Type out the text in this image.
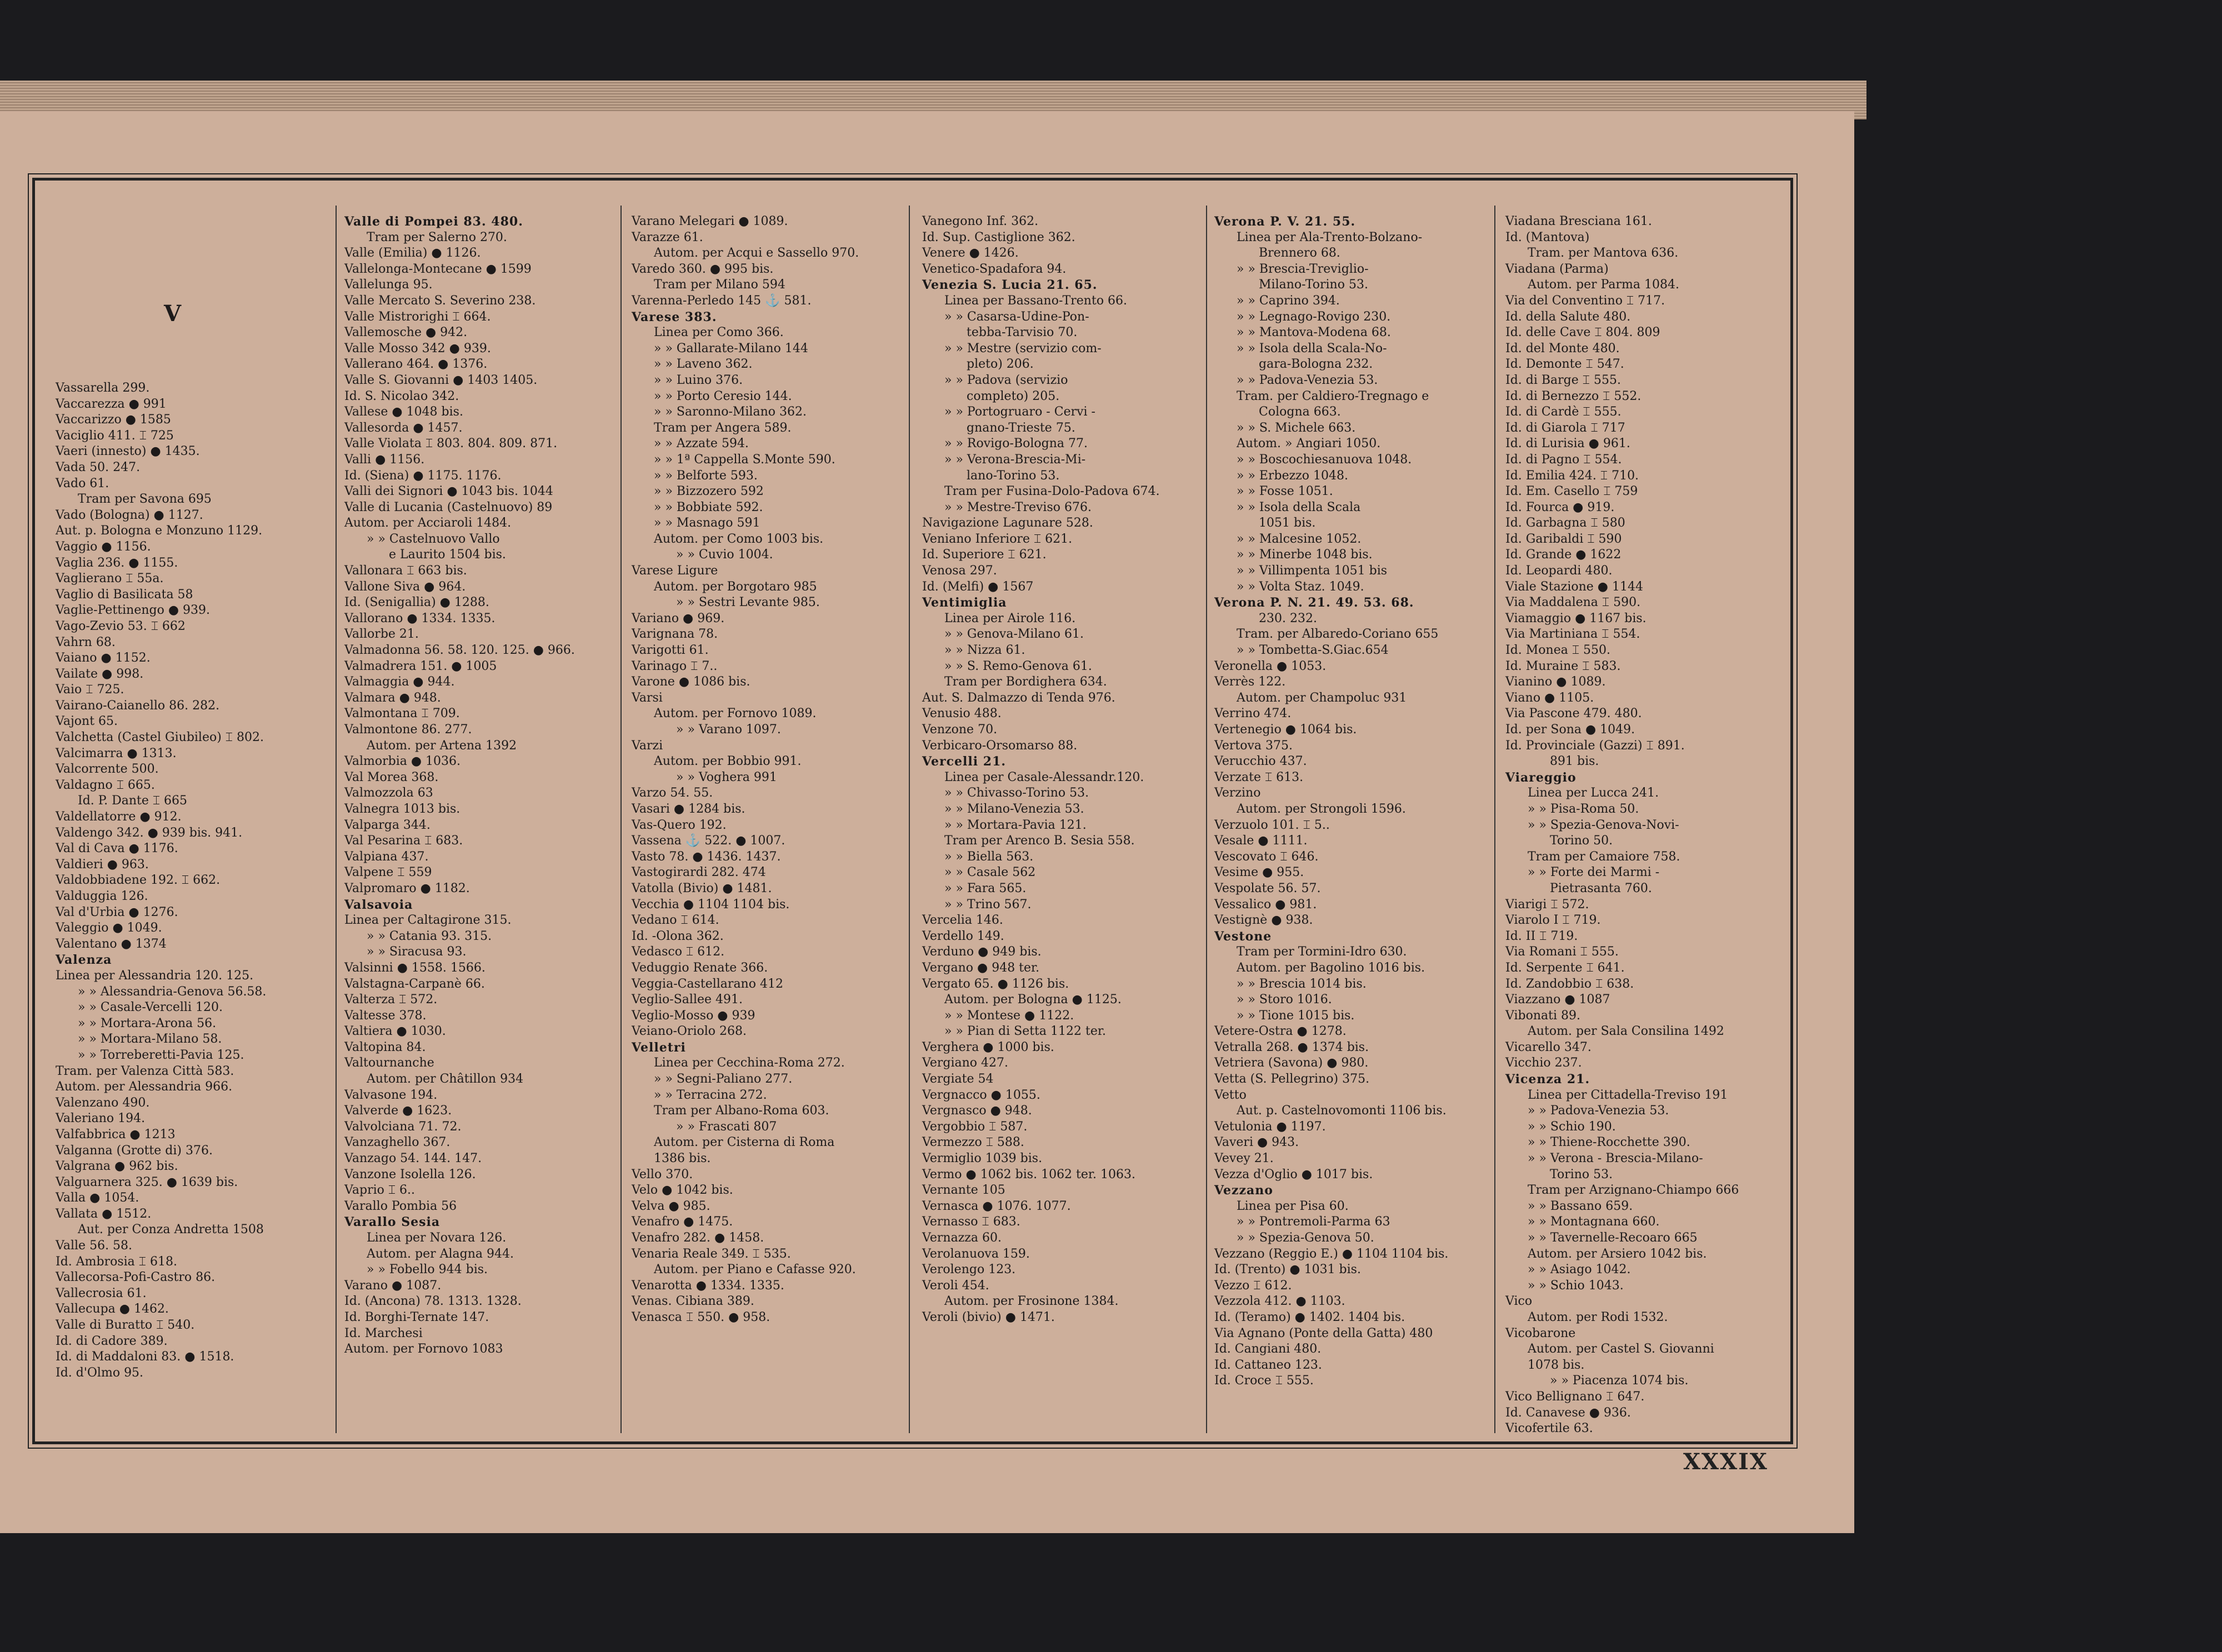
V
Vassarella 299.
Vaccarezza ● 991
Vaccarizzo ● 1585
Vaciglio 411. ⌶ 725
Vaeri (innesto) ● 1435.
Vada 50. 247.
Vado 61.
Tram per Savona 695
Vado (Bologna) ● 1127.
Aut. p. Bologna e Monzuno 1129.
Vaggio ● 1156.
Vaglia 236. ● 1155.
Vaglierano ⌶ 55a.
Vaglio di Basilicata 58
Vaglie-Pettinengo ● 939.
Vago-Zevio 53. ⌶ 662
Vahrn 68.
Vaiano ● 1152.
Vailate ● 998.
Vaio ⌶ 725.
Vairano-Caianello 86. 282.
Vajont 65.
Valchetta (Castel Giubileo) ⌶ 802.
Valcimarra ● 1313.
Valcorrente 500.
Valdagno ⌶ 665.
Id. P. Dante ⌶ 665
Valdellatorre ● 912.
Valdengo 342. ● 939 bis. 941.
Val di Cava ● 1176.
Valdieri ● 963.
Valdobbiadene 192. ⌶ 662.
Valduggia 126.
Val d'Urbia ● 1276.
Valeggio ● 1049.
Valentano ● 1374
Valenza
Linea per Alessandria 120. 125.
» » Alessandria-Genova 56.58.
» » Casale-Vercelli 120.
» » Mortara-Arona 56.
» » Mortara-Milano 58.
» » Torreberetti-Pavia 125.
Tram. per Valenza Città 583.
Autom. per Alessandria 966.
Valenzano 490.
Valeriano 194.
Valfabbrica ● 1213
Valganna (Grotte di) 376.
Valgrana ● 962 bis.
Valguarnera 325. ● 1639 bis.
Valla ● 1054.
Vallata ● 1512.
Aut. per Conza Andretta 1508
Valle 56. 58.
Id. Ambrosia ⌶ 618.
Vallecorsa-Pofi-Castro 86.
Vallecrosia 61.
Vallecupa ● 1462.
Valle di Buratto ⌶ 540.
Id. di Cadore 389.
Id. di Maddaloni 83. ● 1518.
Id. d'Olmo 95.
Valle di Pompei 83. 480.
Tram per Salerno 270.
Valle (Emilia) ● 1126.
Vallelonga-Montecane ● 1599
Vallelunga 95.
Valle Mercato S. Severino 238.
Valle Mistrorighi ⌶ 664.
Vallemosche ● 942.
Valle Mosso 342 ● 939.
Vallerano 464. ● 1376.
Valle S. Giovanni ● 1403 1405.
Id. S. Nicolao 342.
Vallese ● 1048 bis.
Vallesorda ● 1457.
Valle Violata ⌶ 803. 804. 809. 871.
Valli ● 1156.
Id. (Siena) ● 1175. 1176.
Valli dei Signori ● 1043 bis. 1044
Valle di Lucania (Castelnuovo) 89
Autom. per Acciaroli 1484.
» » Castelnuovo Vallo
e Laurito 1504 bis.
Vallonara ⌶ 663 bis.
Vallone Siva ● 964.
Id. (Senigallia) ● 1288.
Vallorano ● 1334. 1335.
Vallorbe 21.
Valmadonna 56. 58. 120. 125. ● 966.
Valmadrera 151. ● 1005
Valmaggia ● 944.
Valmara ● 948.
Valmontana ⌶ 709.
Valmontone 86. 277.
Autom. per Artena 1392
Valmorbia ● 1036.
Val Morea 368.
Valmozzola 63
Valnegra 1013 bis.
Valparga 344.
Val Pesarina ⌶ 683.
Valpiana 437.
Valpene ⌶ 559
Valpromaro ● 1182.
Valsavoia
Linea per Caltagirone 315.
» » Catania 93. 315.
» » Siracusa 93.
Valsinni ● 1558. 1566.
Valstagna-Carpanè 66.
Valterza ⌶ 572.
Valtesse 378.
Valtiera ● 1030.
Valtopina 84.
Valtournanche
Autom. per Châtillon 934
Valvasone 194.
Valverde ● 1623.
Valvolciana 71. 72.
Vanzaghello 367.
Vanzago 54. 144. 147.
Vanzone Isolella 126.
Vaprio ⌶ 6..
Varallo Pombia 56
Varallo Sesia
Linea per Novara 126.
Autom. per Alagna 944.
» » Fobello 944 bis.
Varano ● 1087.
Id. (Ancona) 78. 1313. 1328.
Id. Borghi-Ternate 147.
Id. Marchesi
Autom. per Fornovo 1083
Varano Melegari ● 1089.
Varazze 61.
Autom. per Acqui e Sassello 970.
Varedo 360. ● 995 bis.
Tram per Milano 594
Varenna-Perledo 145 ⚓ 581.
Varese 383.
Linea per Como 366.
» » Gallarate-Milano 144
» » Laveno 362.
» » Luino 376.
» » Porto Ceresio 144.
» » Saronno-Milano 362.
Tram per Angera 589.
» » Azzate 594.
» » 1ª Cappella S.Monte 590.
» » Belforte 593.
» » Bizzozero 592
» » Bobbiate 592.
» » Masnago 591
Autom. per Como 1003 bis.
» » Cuvio 1004.
Varese Ligure
Autom. per Borgotaro 985
» » Sestri Levante 985.
Variano ● 969.
Varignana 78.
Varigotti 61.
Varinago ⌶ 7..
Varone ● 1086 bis.
Varsi
Autom. per Fornovo 1089.
» » Varano 1097.
Varzi
Autom. per Bobbio 991.
» » Voghera 991
Varzo 54. 55.
Vasari ● 1284 bis.
Vas-Quero 192.
Vassena ⚓ 522. ● 1007.
Vasto 78. ● 1436. 1437.
Vastogirardi 282. 474
Vatolla (Bivio) ● 1481.
Vecchia ● 1104 1104 bis.
Vedano ⌶ 614.
Id. -Olona 362.
Vedasco ⌶ 612.
Veduggio Renate 366.
Veggia-Castellarano 412
Veglio-Sallee 491.
Veglio-Mosso ● 939
Veiano-Oriolo 268.
Velletri
Linea per Cecchina-Roma 272.
» » Segni-Paliano 277.
» » Terracina 272.
Tram per Albano-Roma 603.
» » Frascati 807
Autom. per Cisterna di Roma
1386 bis.
Vello 370.
Velo ● 1042 bis.
Velva ● 985.
Venafro ● 1475.
Venafro 282. ● 1458.
Venaria Reale 349. ⌶ 535.
Autom. per Piano e Cafasse 920.
Venarotta ● 1334. 1335.
Venas. Cibiana 389.
Venasca ⌶ 550. ● 958.
Vanegono Inf. 362.
Id. Sup. Castiglione 362.
Venere ● 1426.
Venetico-Spadafora 94.
Venezia S. Lucia 21. 65.
Linea per Bassano-Trento 66.
» » Casarsa-Udine-Pon-
tebba-Tarvisio 70.
» » Mestre (servizio com-
pleto) 206.
» » Padova (servizio
completo) 205.
» » Portogruaro - Cervi -
gnano-Trieste 75.
» » Rovigo-Bologna 77.
» » Verona-Brescia-Mi-
lano-Torino 53.
Tram per Fusina-Dolo-Padova 674.
» » Mestre-Treviso 676.
Navigazione Lagunare 528.
Veniano Inferiore ⌶ 621.
Id. Superiore ⌶ 621.
Venosa 297.
Id. (Melfi) ● 1567
Ventimiglia
Linea per Airole 116.
» » Genova-Milano 61.
» » Nizza 61.
» » S. Remo-Genova 61.
Tram per Bordighera 634.
Aut. S. Dalmazzo di Tenda 976.
Venusio 488.
Venzone 70.
Verbicaro-Orsomarso 88.
Vercelli 21.
Linea per Casale-Alessandr.120.
» » Chivasso-Torino 53.
» » Milano-Venezia 53.
» » Mortara-Pavia 121.
Tram per Arenco B. Sesia 558.
» » Biella 563.
» » Casale 562
» » Fara 565.
» » Trino 567.
Vercelia 146.
Verdello 149.
Verduno ● 949 bis.
Vergano ● 948 ter.
Vergato 65. ● 1126 bis.
Autom. per Bologna ● 1125.
» » Montese ● 1122.
» » Pian di Setta 1122 ter.
Verghera ● 1000 bis.
Vergiano 427.
Vergiate 54
Vergnacco ● 1055.
Vergnasco ● 948.
Vergobbio ⌶ 587.
Vermezzo ⌶ 588.
Vermiglio 1039 bis.
Vermo ● 1062 bis. 1062 ter. 1063.
Vernante 105
Vernasca ● 1076. 1077.
Vernasso ⌶ 683.
Vernazza 60.
Verolanuova 159.
Verolengo 123.
Veroli 454.
Autom. per Frosinone 1384.
Veroli (bivio) ● 1471.
Verona P. V. 21. 55.
Linea per Ala-Trento-Bolzano-
Brennero 68.
» » Brescia-Treviglio-
Milano-Torino 53.
» » Caprino 394.
» » Legnago-Rovigo 230.
» » Mantova-Modena 68.
» » Isola della Scala-No-
gara-Bologna 232.
» » Padova-Venezia 53.
Tram. per Caldiero-Tregnago e
Cologna 663.
» » S. Michele 663.
Autom. » Angiari 1050.
» » Boscochiesanuova 1048.
» » Erbezzo 1048.
» » Fosse 1051.
» » Isola della Scala
1051 bis.
» » Malcesine 1052.
» » Minerbe 1048 bis.
» » Villimpenta 1051 bis
» » Volta Staz. 1049.
Verona P. N. 21. 49. 53. 68.
230. 232.
Tram. per Albaredo-Coriano 655
» » Tombetta-S.Giac.654
Veronella ● 1053.
Verrès 122.
Autom. per Champoluc 931
Verrino 474.
Vertenegio ● 1064 bis.
Vertova 375.
Verucchio 437.
Verzate ⌶ 613.
Verzino
Autom. per Strongoli 1596.
Verzuolo 101. ⌶ 5..
Vesale ● 1111.
Vescovato ⌶ 646.
Vesime ● 955.
Vespolate 56. 57.
Vessalico ● 981.
Vestignè ● 938.
Vestone
Tram per Tormini-Idro 630.
Autom. per Bagolino 1016 bis.
» » Brescia 1014 bis.
» » Storo 1016.
» » Tione 1015 bis.
Vetere-Ostra ● 1278.
Vetralla 268. ● 1374 bis.
Vetriera (Savona) ● 980.
Vetta (S. Pellegrino) 375.
Vetto
Aut. p. Castelnovomonti 1106 bis.
Vetulonia ● 1197.
Vaveri ● 943.
Vevey 21.
Vezza d'Oglio ● 1017 bis.
Vezzano
Linea per Pisa 60.
» » Pontremoli-Parma 63
» » Spezia-Genova 50.
Vezzano (Reggio E.) ● 1104 1104 bis.
Id. (Trento) ● 1031 bis.
Vezzo ⌶ 612.
Vezzola 412. ● 1103.
Id. (Teramo) ● 1402. 1404 bis.
Via Agnano (Ponte della Gatta) 480
Id. Cangiani 480.
Id. Cattaneo 123.
Id. Croce ⌶ 555.
Viadana Bresciana 161.
Id. (Mantova)
Tram. per Mantova 636.
Viadana (Parma)
Autom. per Parma 1084.
Via del Conventino ⌶ 717.
Id. della Salute 480.
Id. delle Cave ⌶ 804. 809
Id. del Monte 480.
Id. Demonte ⌶ 547.
Id. di Barge ⌶ 555.
Id. di Bernezzo ⌶ 552.
Id. di Cardè ⌶ 555.
Id. di Giarola ⌶ 717
Id. di Lurisia ● 961.
Id. di Pagno ⌶ 554.
Id. Emilia 424. ⌶ 710.
Id. Em. Casello ⌶ 759
Id. Fourca ● 919.
Id. Garbagna ⌶ 580
Id. Garibaldi ⌶ 590
Id. Grande ● 1622
Id. Leopardi 480.
Viale Stazione ● 1144
Via Maddalena ⌶ 590.
Viamaggio ● 1167 bis.
Via Martiniana ⌶ 554.
Id. Monea ⌶ 550.
Id. Muraine ⌶ 583.
Vianino ● 1089.
Viano ● 1105.
Via Pascone 479. 480.
Id. per Sona ● 1049.
Id. Provinciale (Gazzi) ⌶ 891.
891 bis.
Viareggio
Linea per Lucca 241.
» » Pisa-Roma 50.
» » Spezia-Genova-Novi-
Torino 50.
Tram per Camaiore 758.
» » Forte dei Marmi -
Pietrasanta 760.
Viarigi ⌶ 572.
Viarolo I ⌶ 719.
Id. II ⌶ 719.
Via Romani ⌶ 555.
Id. Serpente ⌶ 641.
Id. Zandobbio ⌶ 638.
Viazzano ● 1087
Vibonati 89.
Autom. per Sala Consilina 1492
Vicarello 347.
Vicchio 237.
Vicenza 21.
Linea per Cittadella-Treviso 191
» » Padova-Venezia 53.
» » Schio 190.
» » Thiene-Rocchette 390.
» » Verona - Brescia-Milano-
Torino 53.
Tram per Arzignano-Chiampo 666
» » Bassano 659.
» » Montagnana 660.
» » Tavernelle-Recoaro 665
Autom. per Arsiero 1042 bis.
» » Asiago 1042.
» » Schio 1043.
Vico
Autom. per Rodi 1532.
Vicobarone
Autom. per Castel S. Giovanni
1078 bis.
» » Piacenza 1074 bis.
Vico Bellignano ⌶ 647.
Id. Canavese ● 936.
Vicofertile 63.
XXXIX
